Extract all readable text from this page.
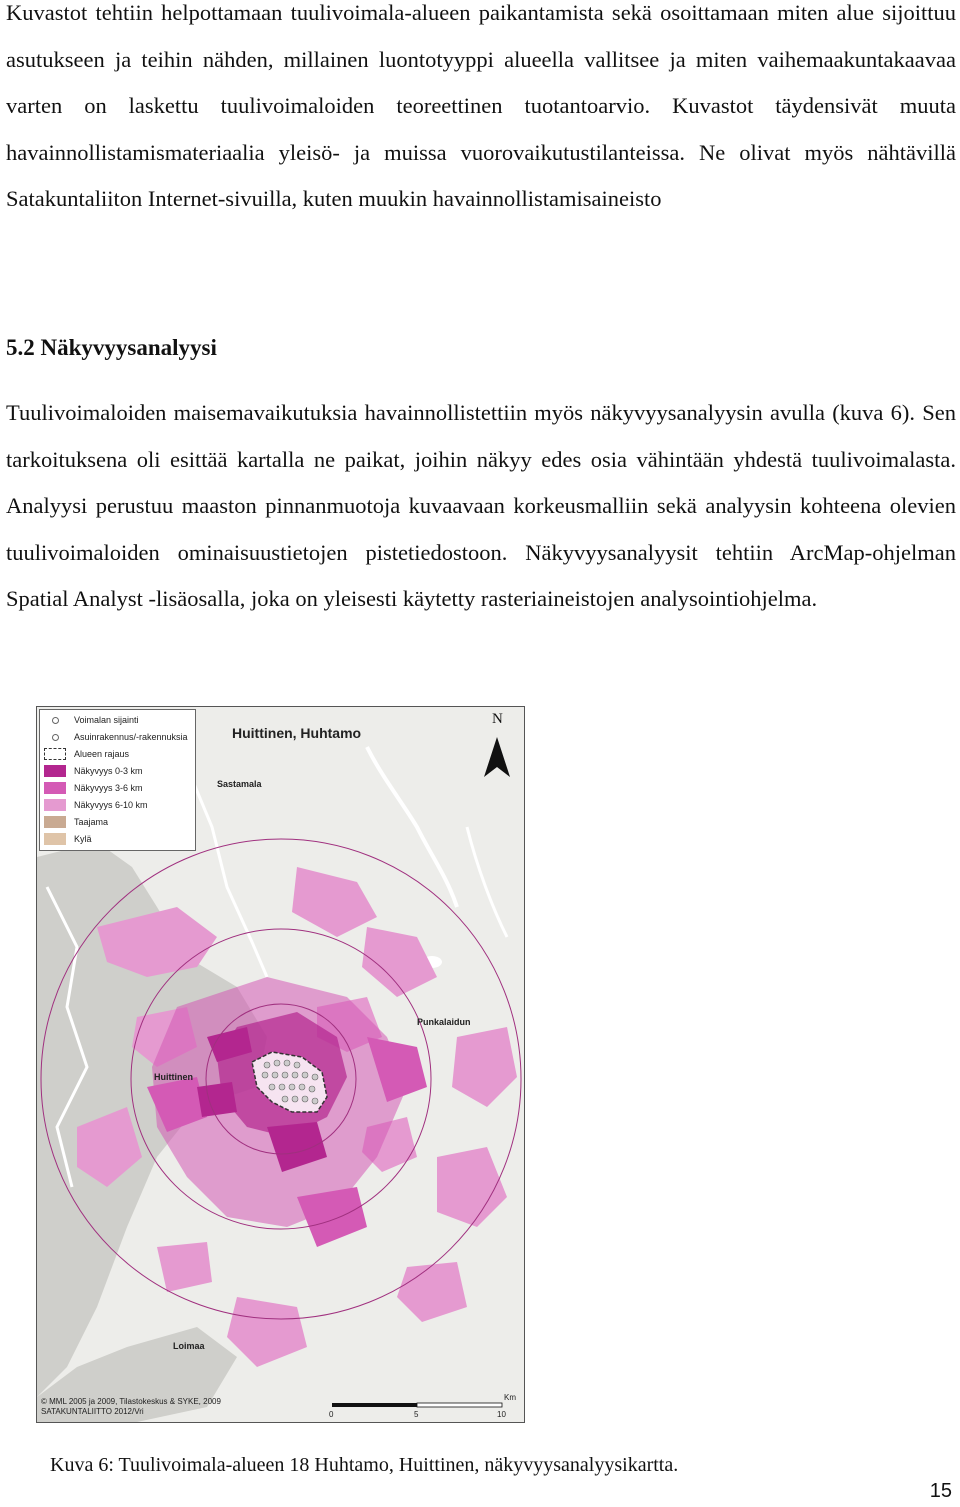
Kuvastot tehtiin helpottamaan tuulivoimala-alueen paikantamista sekä osoittamaan miten alue sijoittuu asutukseen ja teihin nähden, millainen luontotyyppi alueella vallitsee ja miten vaihemaakuntakaavaa varten on laskettu tuulivoimaloiden teoreettinen tuotantoarvio. Kuvastot täydensivät muuta havainnollistamismateriaalia yleisö- ja muissa vuorovaikutustilanteissa. Ne olivat myös nähtävillä Satakuntaliiton Internet-sivuilla, kuten muukin havainnollistamisaineisto

5.2 Näkyvyysanalyysi

Tuulivoimaloiden maisemavaikutuksia havainnollistettiin myös näkyvyysanalyysin avulla (kuva 6). Sen tarkoituksena oli esittää kartalla ne paikat, joihin näkyy edes osia vähintään yhdestä tuulivoimalasta. Analyysi perustuu maaston pinnanmuotoja kuvaavaan korkeusmalliin sekä analyysin kohteena olevien tuulivoimaloiden ominaisuustietojen pistetiedostoon. Näkyvyysanalyysit tehtiin ArcMap-ohjelman Spatial Analyst -lisäosalla, joka on yleisesti käytetty rasteriaineistojen analysointiohjelma.

Voimalan sijainti
Asuinrakennus/-rakennuksia
Alueen rajaus
Näkyvyys 0-3 km
Näkyvyys 3-6 km
Näkyvyys 6-10 km
Taajama
Kylä
Huittinen, Huhtamo
N
Sastamala
Punkalaidun
Huittinen
Loimaa
© MML 2005 ja 2009, Tilastokeskus & SYKE, 2009
SATAKUNTALIITTO 2012/Vri	0	5	10
Km

Kuva 6: Tuulivoimala-alueen 18 Huhtamo, Huittinen, näkyvyysanalyysikartta.

15
